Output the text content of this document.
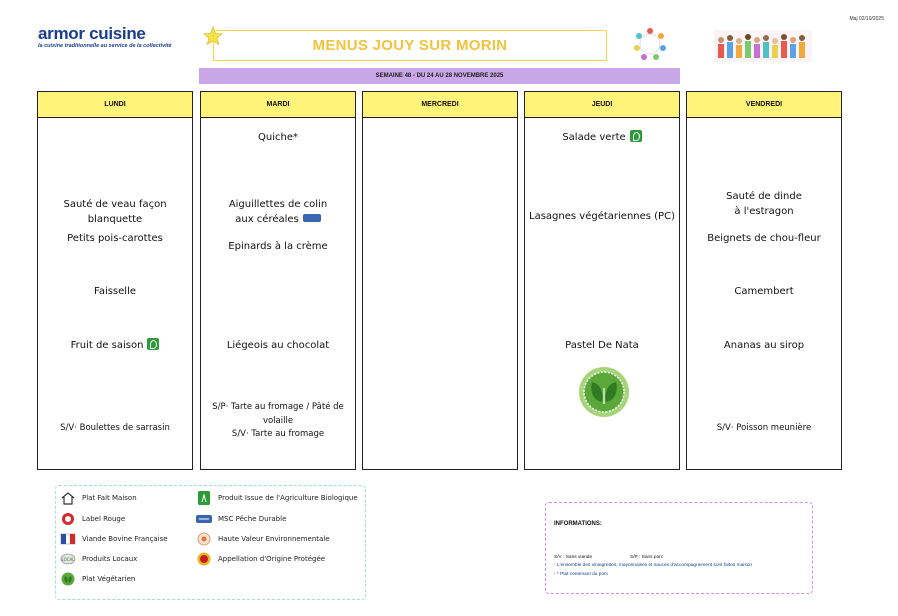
armor cuisine
la cuisine traditionnelle au service de la collectivité	MENUS JOUY SUR MORIN
Maj 02/10/2025
SEMAINE 48 - DU 24 AU 28 NOVEMBRE 2025
LUNDI
Sauté de veau façon blanquette
Petits pois-carottes
Faisselle
Fruit de saison
S/V· Boulettes de sarrasin
MARDI
Quiche*
Aiguillettes de colin
aux céréales
Epinards à la crème
Liégeois au chocolat
S/P· Tarte au fromage / Pâté de
volaille
S/V· Tarte au fromage
MERCREDI	JEUDI
Salade verte
Lasagnes végétariennes (PC)
Pastel De Nata
VENDREDI
Sauté de dinde
à l'estragon
Beignets de chou-fleur
Camembert
Ananas au sirop
S/V· Poisson meunière
Plat Fait Maison
Label Rouge
Viande Bovine Française
LOCAL Produits Locaux
Plat Végétarien
Produit Issue de l'Agriculture Biologique
MSC Pêche Durable
Haute Valeur Environnementale
Appellation d'Origine Protégée
INFORMATIONS:
S/V : Sans viande	S/P : Sans porc
- L'ensemble des vinaigrettes, mayonnaises et sauces d'accompagnement sont faites maison
- * Plat contenant du porc
